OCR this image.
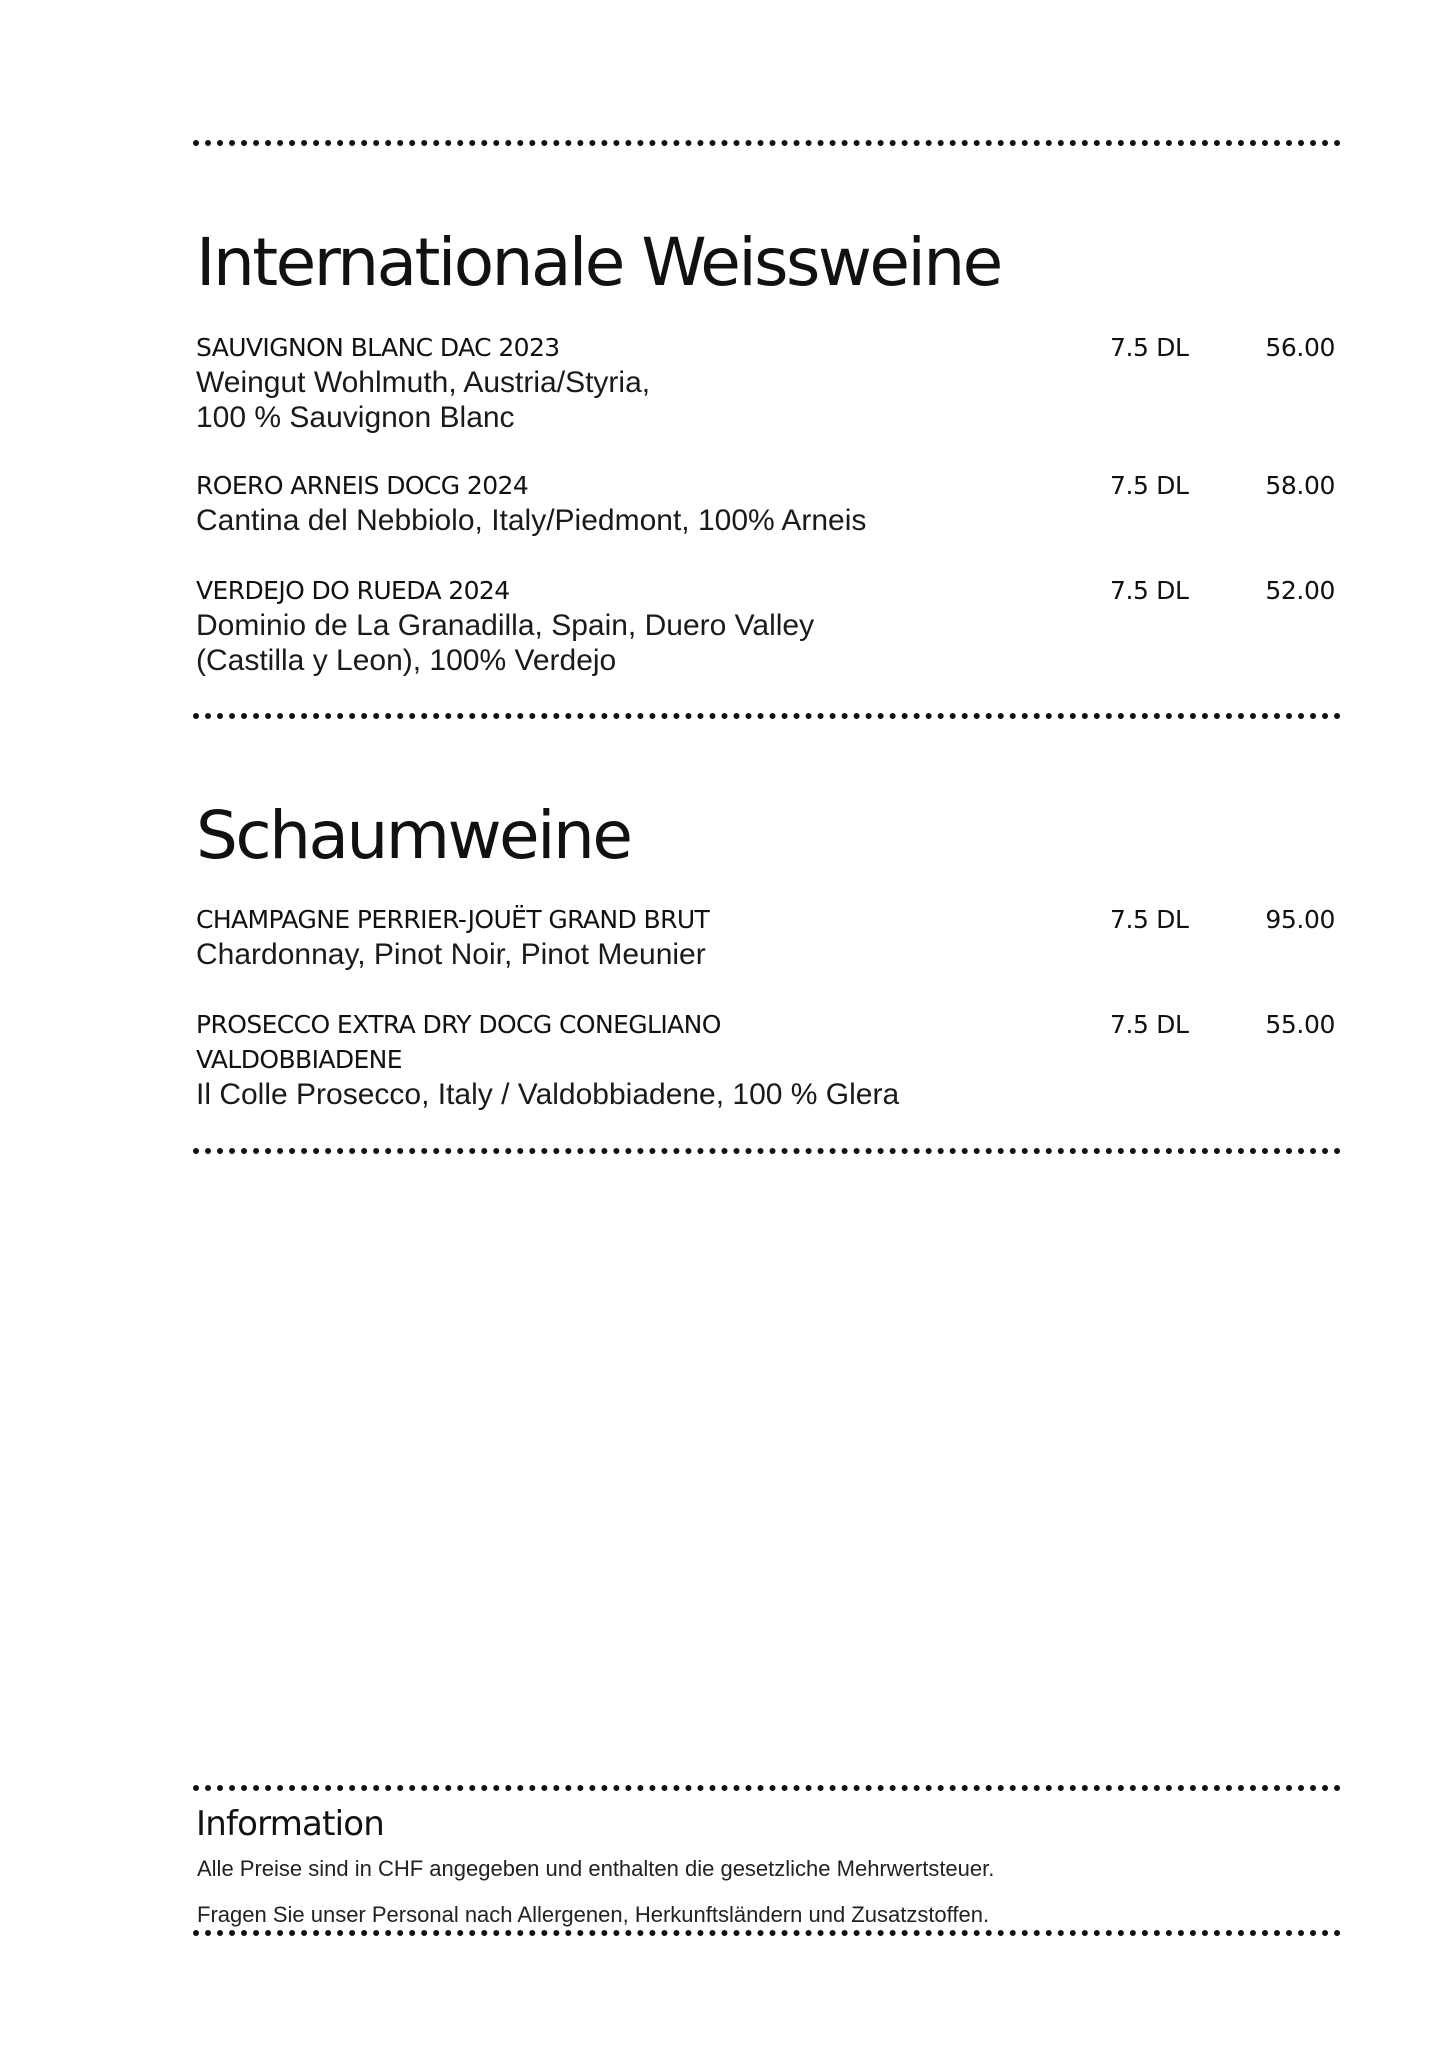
Internationale Weissweine
SAUVIGNON BLANC DAC 2023
Weingut Wohlmuth, Austria/Styria,
100 % Sauvignon Blanc
7.5 DL	56.00
ROERO ARNEIS DOCG 2024
Cantina del Nebbiolo, Italy/Piedmont, 100% Arneis
7.5 DL	58.00
VERDEJO DO RUEDA 2024
Dominio de La Granadilla, Spain, Duero Valley
(Castilla y Leon), 100% Verdejo
7.5 DL	52.00
Schaumweine
CHAMPAGNE PERRIER-JOUËT GRAND BRUT
Chardonnay, Pinot Noir, Pinot Meunier
7.5 DL	95.00
PROSECCO EXTRA DRY DOCG CONEGLIANO
VALDOBBIADENE
Il Colle Prosecco, Italy / Valdobbiadene, 100 % Glera
7.5 DL	55.00
Information
Alle Preise sind in CHF angegeben und enthalten die gesetzliche Mehrwertsteuer.
Fragen Sie unser Personal nach Allergenen, Herkunftsländern und Zusatzstoffen.
